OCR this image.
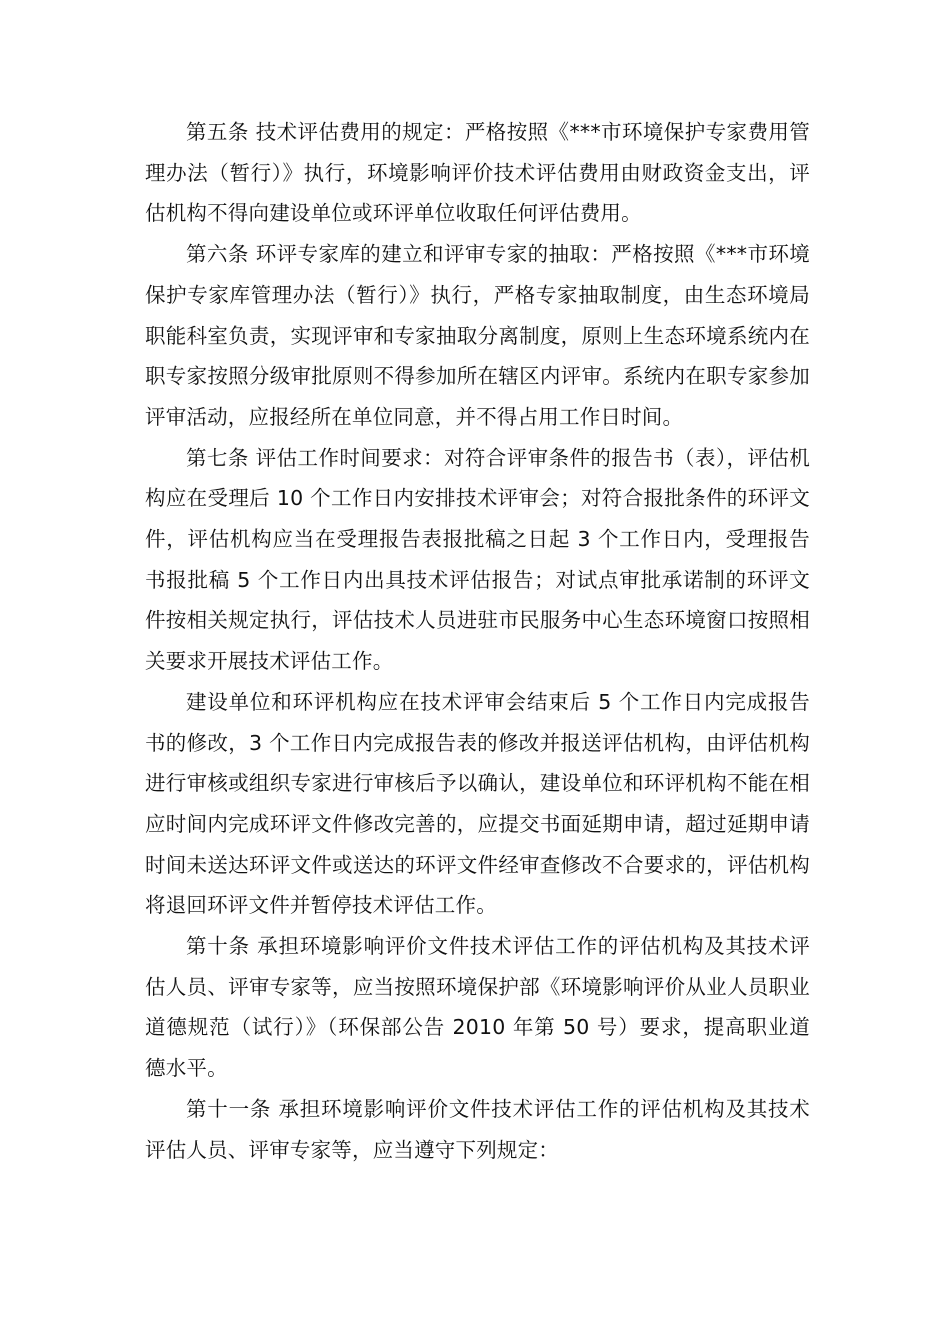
第五条 技术评估费用的规定：严格按照《***市环境保护专家费用管理办法（暂行）》执行，环境影响评价技术评估费用由财政资金支出，评估机构不得向建设单位或环评单位收取任何评估费用。

第六条 环评专家库的建立和评审专家的抽取：严格按照《***市环境保护专家库管理办法（暂行）》执行，严格专家抽取制度，由生态环境局职能科室负责，实现评审和专家抽取分离制度，原则上生态环境系统内在职专家按照分级审批原则不得参加所在辖区内评审。系统内在职专家参加评审活动，应报经所在单位同意，并不得占用工作日时间。

第七条 评估工作时间要求：对符合评审条件的报告书（表），评估机构应在受理后 10 个工作日内安排技术评审会；对符合报批条件的环评文件，评估机构应当在受理报告表报批稿之日起 3 个工作日内，受理报告书报批稿 5 个工作日内出具技术评估报告；对试点审批承诺制的环评文件按相关规定执行，评估技术人员进驻市民服务中心生态环境窗口按照相关要求开展技术评估工作。

建设单位和环评机构应在技术评审会结束后 5 个工作日内完成报告书的修改，3 个工作日内完成报告表的修改并报送评估机构，由评估机构进行审核或组织专家进行审核后予以确认，建设单位和环评机构不能在相应时间内完成环评文件修改完善的，应提交书面延期申请，超过延期申请时间未送达环评文件或送达的环评文件经审查修改不合要求的，评估机构将退回环评文件并暂停技术评估工作。

第十条 承担环境影响评价文件技术评估工作的评估机构及其技术评估人员、评审专家等，应当按照环境保护部《环境影响评价从业人员职业道德规范（试行）》（环保部公告 2010 年第 50 号）要求，提高职业道德水平。

第十一条 承担环境影响评价文件技术评估工作的评估机构及其技术评估人员、评审专家等，应当遵守下列规定：
